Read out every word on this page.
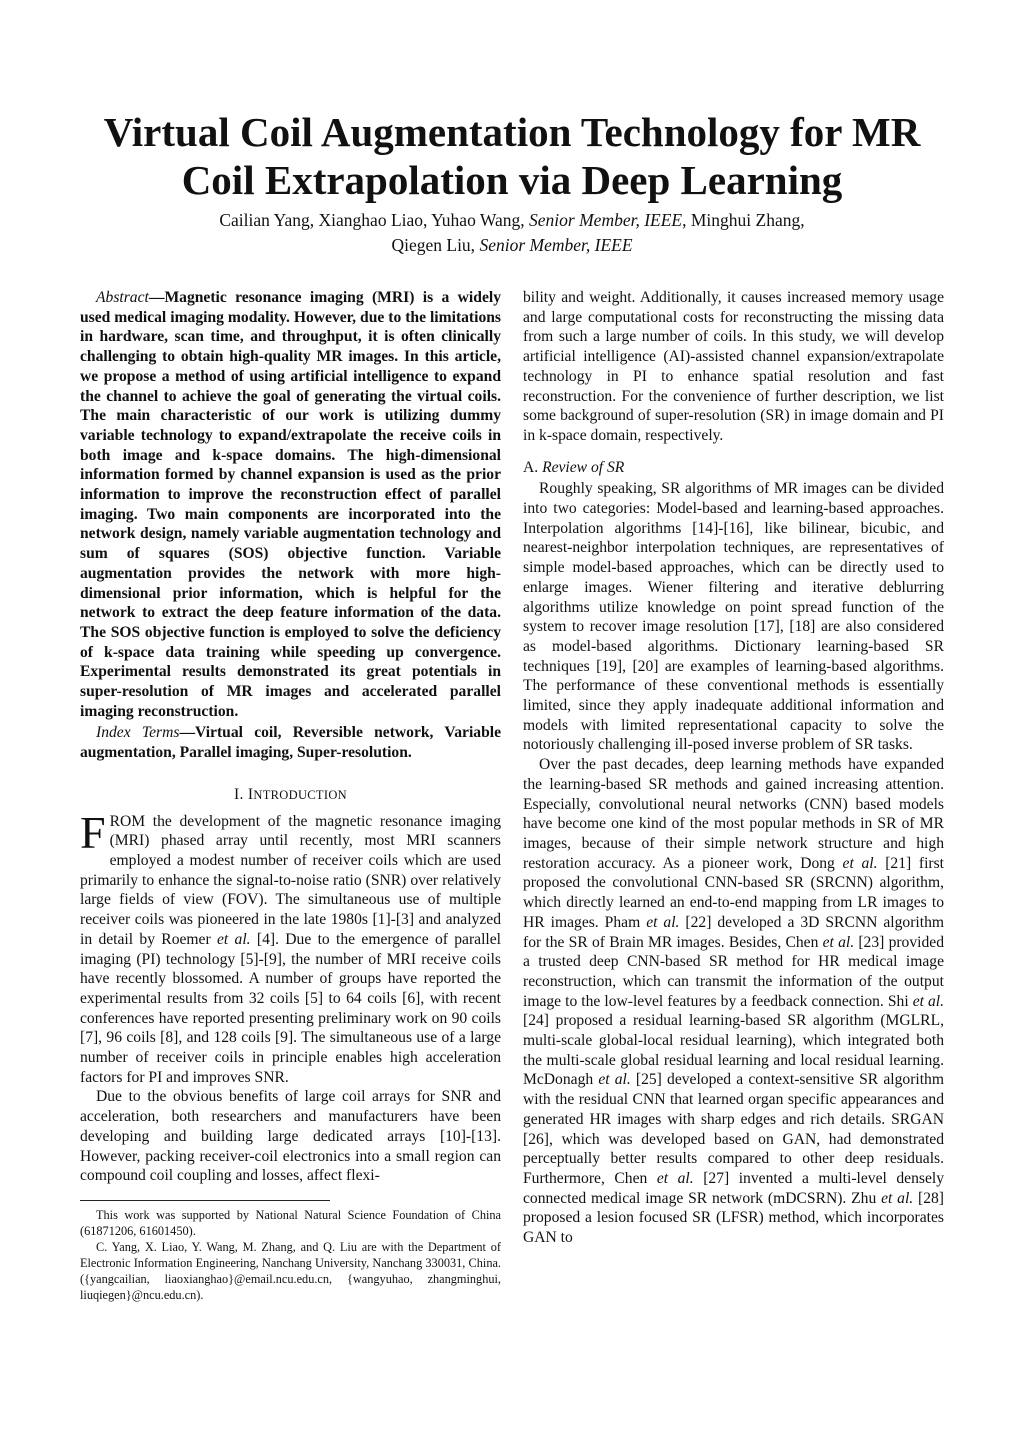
Virtual Coil Augmentation Technology for MR
Coil Extrapolation via Deep Learning
Cailian Yang, Xianghao Liao, Yuhao Wang, Senior Member, IEEE, Minghui Zhang,
Qiegen Liu, Senior Member, IEEE

Abstract—Magnetic resonance imaging (MRI) is a widely used medical imaging modality. However, due to the limitations in hardware, scan time, and throughput, it is often clinically challenging to obtain high-quality MR images. In this article, we propose a method of using artificial intelligence to expand the channel to achieve the goal of generating the virtual coils. The main characteristic of our work is utilizing dummy variable technology to expand/extrapolate the receive coils in both image and k-space domains. The high-dimensional information formed by channel expansion is used as the prior information to improve the reconstruction effect of parallel imaging. Two main components are incorporated into the network design, namely variable augmentation technology and sum of squares (SOS) objective function. Variable augmentation provides the network with more high-dimensional prior information, which is helpful for the network to extract the deep feature information of the data. The SOS objective function is employed to solve the deficiency of k-space data training while speeding up convergence. Experimental results demonstrated its great potentials in super-resolution of MR images and accelerated parallel imaging reconstruction.

Index Terms—Virtual coil, Reversible network, Variable augmentation, Parallel imaging, Super-resolution.

I. INTRODUCTION

FROM the development of the magnetic resonance imaging (MRI) phased array until recently, most MRI scanners employed a modest number of receiver coils which are used primarily to enhance the signal-to-noise ratio (SNR) over relatively large fields of view (FOV). The simultaneous use of multiple receiver coils was pioneered in the late 1980s [1]-[3] and analyzed in detail by Roemer et al. [4]. Due to the emergence of parallel imaging (PI) technology [5]-[9], the number of MRI receive coils have recently blossomed. A number of groups have reported the experimental results from 32 coils [5] to 64 coils [6], with recent conferences have reported presenting preliminary work on 90 coils [7], 96 coils [8], and 128 coils [9]. The simultaneous use of a large number of receiver coils in principle enables high acceleration factors for PI and improves SNR.

Due to the obvious benefits of large coil arrays for SNR and acceleration, both researchers and manufacturers have been developing and building large dedicated arrays [10]-[13]. However, packing receiver-coil electronics into a small region can compound coil coupling and losses, affect flexi-

This work was supported by National Natural Science Foundation of China (61871206, 61601450).

C. Yang, X. Liao, Y. Wang, M. Zhang, and Q. Liu are with the Department of Electronic Information Engineering, Nanchang University, Nanchang 330031, China. ({yangcailian, liaoxianghao}@email.ncu.edu.cn, {wangyuhao, zhangminghui, liuqiegen}@ncu.edu.cn).

bility and weight. Additionally, it causes increased memory usage and large computational costs for reconstructing the missing data from such a large number of coils. In this study, we will develop artificial intelligence (AI)-assisted channel expansion/extrapolate technology in PI to enhance spatial resolution and fast reconstruction. For the convenience of further description, we list some background of super-resolution (SR) in image domain and PI in k-space domain, respectively.

A. Review of SR

Roughly speaking, SR algorithms of MR images can be divided into two categories: Model-based and learning-based approaches. Interpolation algorithms [14]-[16], like bilinear, bicubic, and nearest-neighbor interpolation techniques, are representatives of simple model-based approaches, which can be directly used to enlarge images. Wiener filtering and iterative deblurring algorithms utilize knowledge on point spread function of the system to recover image resolution [17], [18] are also considered as model-based algorithms. Dictionary learning-based SR techniques [19], [20] are examples of learning-based algorithms. The performance of these conventional methods is essentially limited, since they apply inadequate additional information and models with limited representational capacity to solve the notoriously challenging ill-posed inverse problem of SR tasks.

Over the past decades, deep learning methods have expanded the learning-based SR methods and gained increasing attention. Especially, convolutional neural networks (CNN) based models have become one kind of the most popular methods in SR of MR images, because of their simple network structure and high restoration accuracy. As a pioneer work, Dong et al. [21] first proposed the convolutional CNN-based SR (SRCNN) algorithm, which directly learned an end-to-end mapping from LR images to HR images. Pham et al. [22] developed a 3D SRCNN algorithm for the SR of Brain MR images. Besides, Chen et al. [23] provided a trusted deep CNN-based SR method for HR medical image reconstruction, which can transmit the information of the output image to the low-level features by a feedback connection. Shi et al. [24] proposed a residual learning-based SR algorithm (MGLRL, multi-scale global-local residual learning), which integrated both the multi-scale global residual learning and local residual learning. McDonagh et al. [25] developed a context-sensitive SR algorithm with the residual CNN that learned organ specific appearances and generated HR images with sharp edges and rich details. SRGAN [26], which was developed based on GAN, had demonstrated perceptually better results compared to other deep residuals. Furthermore, Chen et al. [27] invented a multi-level densely connected medical image SR network (mDCSRN). Zhu et al. [28] proposed a lesion focused SR (LFSR) method, which incorporates GAN to
